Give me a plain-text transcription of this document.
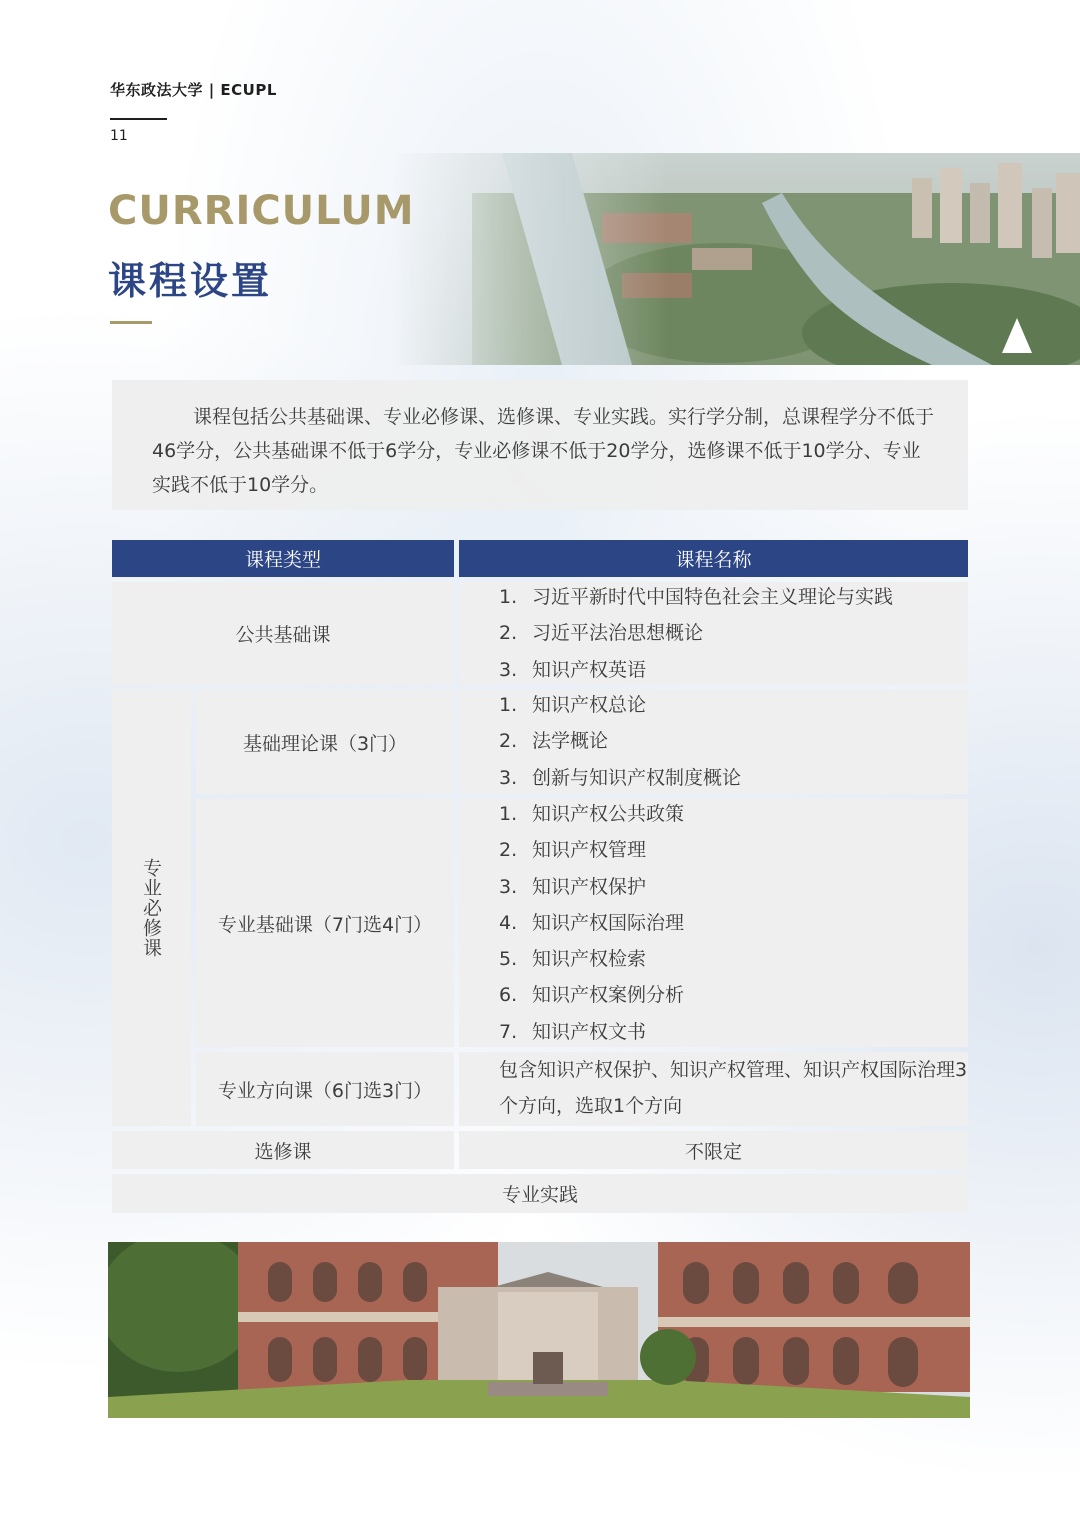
华东政法大学 | ECUPL
11
CURRICULUM
课程设置

课程包括公共基础课、专业必修课、选修课、专业实践。实行学分制，总课程学分不低于46学分，公共基础课不低于6学分，专业必修课不低于20学分，选修课不低于10学分、专业实践不低于10学分。

课程类型	课程名称
公共基础课
1. 习近平新时代中国特色社会主义理论与实践
2. 习近平法治思想概论
3. 知识产权英语
专业必修课
基础理论课（3门）
1. 知识产权总论
2. 法学概论
3. 创新与知识产权制度概论
专业基础课（7门选4门）
1. 知识产权公共政策
2. 知识产权管理
3. 知识产权保护
4. 知识产权国际治理
5. 知识产权检索
6. 知识产权案例分析
7. 知识产权文书
专业方向课（6门选3门）
包含知识产权保护、知识产权管理、知识产权国际治理3个方向，选取1个方向
选修课	不限定
专业实践
